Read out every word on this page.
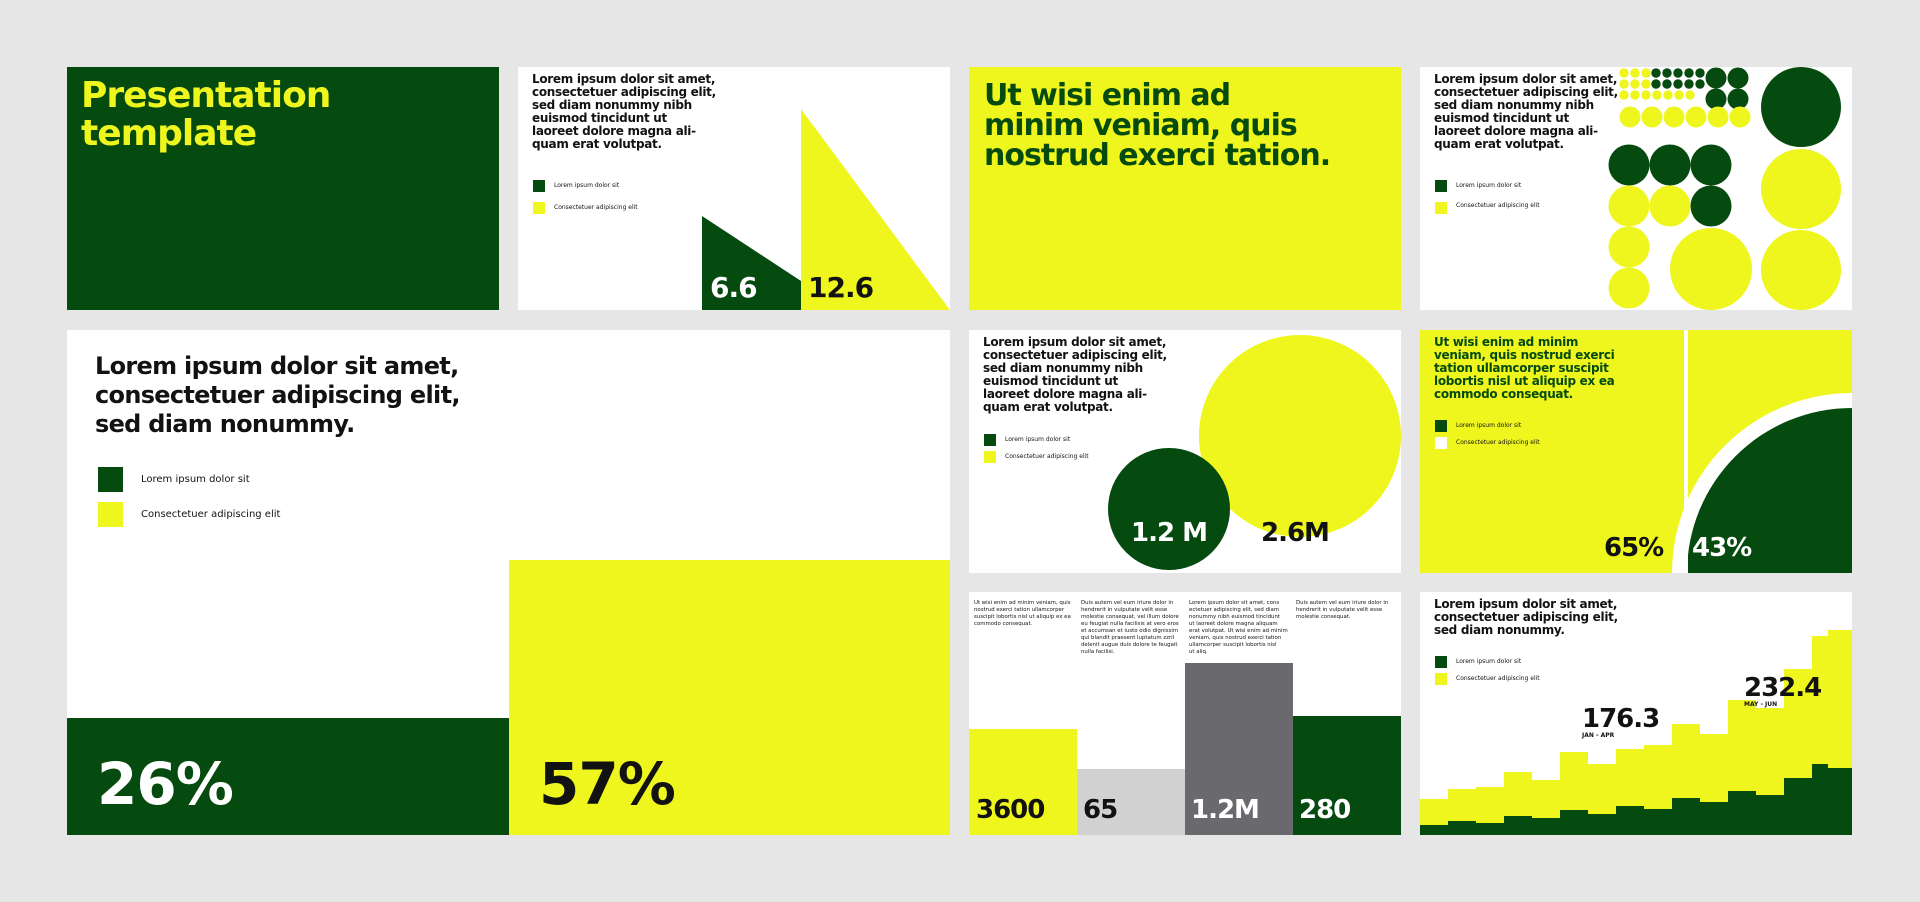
Presentation
template
Lorem ipsum dolor sit amet,
consectetuer adipiscing elit,
sed diam nonummy nibh
euismod tincidunt ut
laoreet dolore magna ali-
quam erat volutpat.
Lorem ipsum dolor sit
Consectetuer adipiscing elit
6.6 12.6
Ut wisi enim ad
minim veniam, quis
nostrud exerci tation.
Lorem ipsum dolor sit amet,
consectetuer adipiscing elit,
sed diam nonummy nibh
euismod tincidunt ut
laoreet dolore magna ali-
quam erat volutpat.
Lorem ipsum dolor sit
Consectetuer adipiscing elit
Lorem ipsum dolor sit amet,
consectetuer adipiscing elit,
sed diam nonummy.
Lorem ipsum dolor sit
Consectetuer adipiscing elit
26%	57%
Lorem ipsum dolor sit amet,
consectetuer adipiscing elit,
sed diam nonummy nibh
euismod tincidunt ut
laoreet dolore magna ali-
quam erat volutpat.
Lorem ipsum dolor sit
Consectetuer adipiscing elit
1.2 M 2.6M
Ut wisi enim ad minim
veniam, quis nostrud exerci
tation ullamcorper suscipit
lobortis nisl ut aliquip ex ea
commodo consequat.
Lorem ipsum dolor sit
Consectetuer adipiscing elit
65% 43%
Ut wisi enim ad minim veniam, quis
nostrud exerci tation ullamcorper
suscipit lobortis nisl ut aliquip ex ea
commodo consequat.
Duis autem vel eum iriure dolor in
hendrerit in vulputate velit esse
molestie consequat, vel illum dolore
eu feugiat nulla facilisis at vero eros
et accumsan et iusto odio dignissim
qui blandit praesent luptatum zzril
delenit augue duis dolore te feugait
nulla facilisi.
Lorem ipsum dolor sit amet, cons
ectetuer adipiscing elit, sed diam
nonummy nibh euismod tincidunt
ut laoreet dolore magna aliquam
erat volutpat. Ut wisi enim ad minim
veniam, quis nostrud exerci tation
ullamcorper suscipit lobortis nisl
ut aliq.
Duis autem vel eum iriure dolor in
hendrerit in vulputate velit esse
molestie consequat.
3600 65	1.2M 280
Lorem ipsum dolor sit amet,
consectetuer adipiscing elit,
sed diam nonummy.
Lorem ipsum dolor sit
Consectetuer adipiscing elit
176.3
JAN - APR
232.4
MAY - JUN
